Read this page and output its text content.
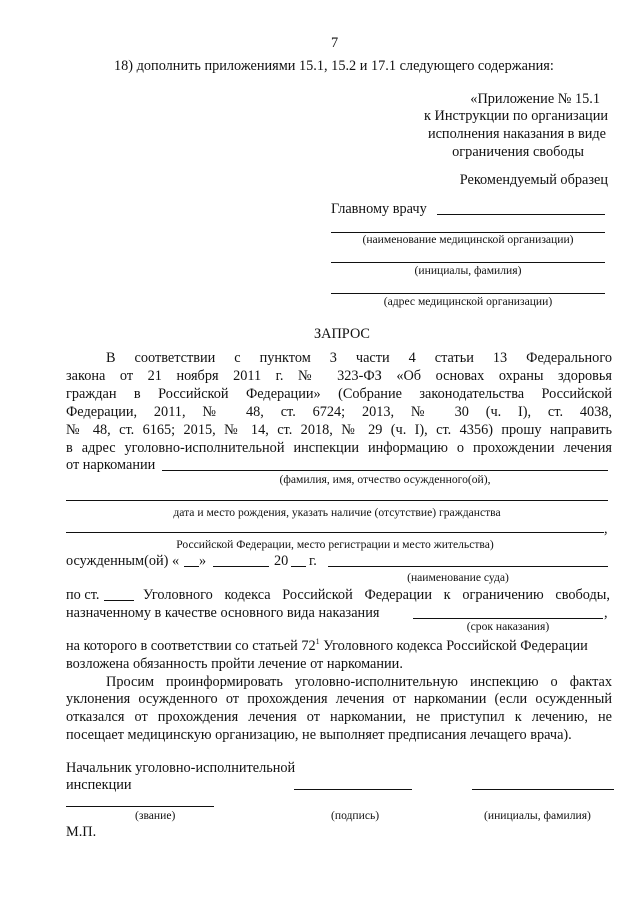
7
18) дополнить приложениями 15.1, 15.2 и 17.1 следующего содержания:
«Приложение № 15.1
к Инструкции по организации
исполнения наказания в виде
ограничения свободы
Рекомендуемый образец
Главному врачу
(наименование медицинской организации)
(инициалы, фамилия)
(адрес медицинской организации)
ЗАПРОС
В соответствии с пунктом 3 части 4 статьи 13 Федерального
закона от 21 ноября 2011 г. № 323-ФЗ «Об основах охраны здоровья
граждан в Российской Федерации» (Собрание законодательства Российской
Федерации, 2011, № 48, ст. 6724; 2013, № 30 (ч. I), ст. 4038,
№ 48, ст. 6165; 2015, № 14, ст. 2018, № 29 (ч. I), ст. 4356) прошу направить
в адрес уголовно-исполнительной инспекции информацию о прохождении лечения
от наркомании
(фамилия, имя, отчество осужденного(ой),
дата и место рождения, указать наличие (отсутствие) гражданства
,
Российской Федерации, место регистрации и место жительства)
осужденным(ой) « »	20 г.
(наименование суда)
по ст.	Уголовного кодекса Российской Федерации к ограничению свободы,
назначенному в качестве основного вида наказания	,
(срок наказания)
на которого в соответствии со статьей $72^1$ Уголовного кодекса Российской Федерации
возложена обязанность пройти лечение от наркомании.
Просим проинформировать уголовно-исполнительную инспекцию о фактах
уклонения осужденного от прохождения лечения от наркомании (если осужденный
отказался от прохождения лечения от наркомании, не приступил к лечению, не
посещает медицинскую организацию, не выполняет предписания лечащего врача).
Начальник уголовно-исполнительной
инспекции
(звание)	(подпись)	(инициалы, фамилия)
М.П.
